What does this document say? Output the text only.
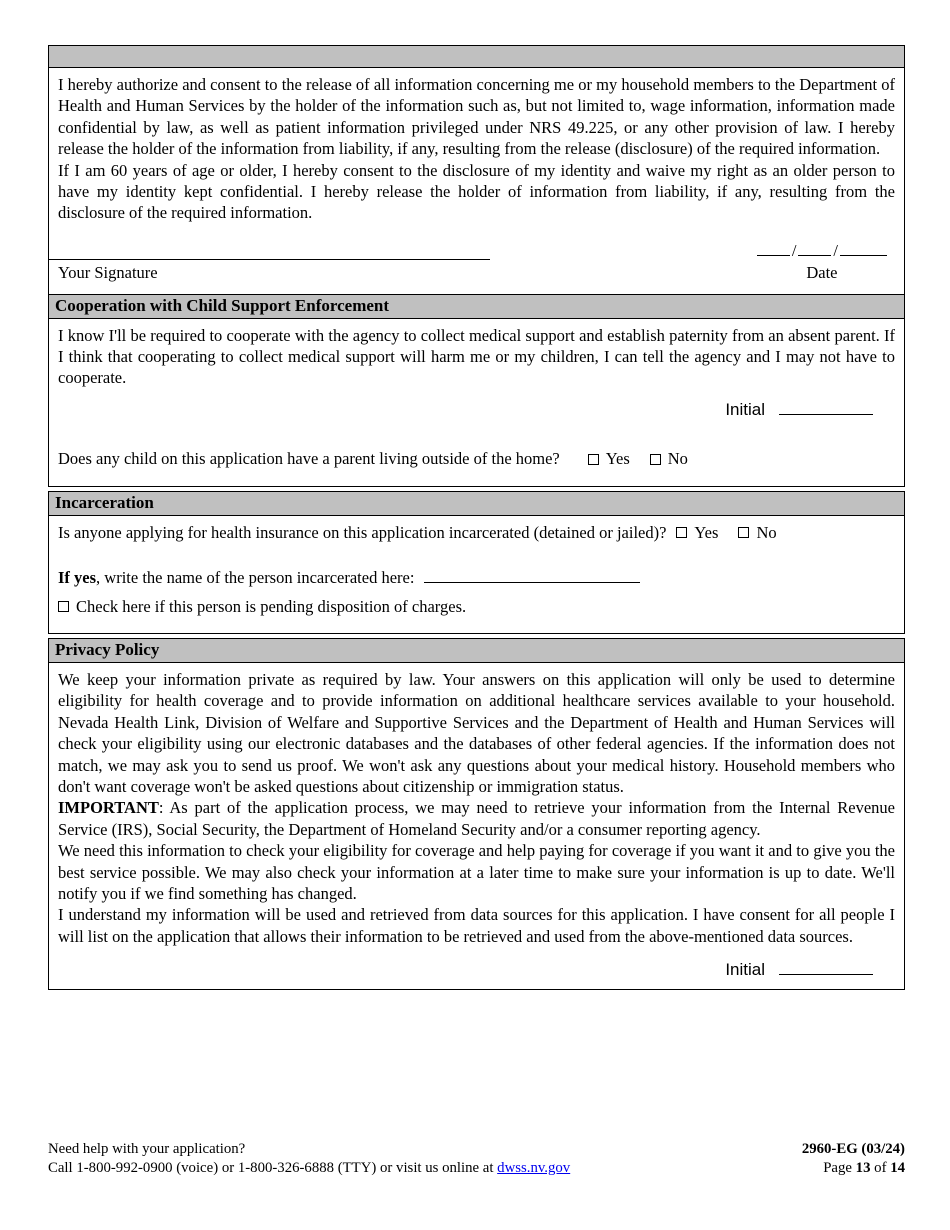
I hereby authorize and consent to the release of all information concerning me or my household members to the Department of Health and Human Services by the holder of the information such as, but not limited to, wage information, information made confidential by law, as well as patient information privileged under NRS 49.225, or any other provision of law. I hereby release the holder of the information from liability, if any, resulting from the release (disclosure) of the required information.

If I am 60 years of age or older, I hereby consent to the disclosure of my identity and waive my right as an older person to have my identity kept confidential. I hereby release the holder of information from liability, if any, resulting from the disclosure of the required information.

Your Signature
/ /
Date
Cooperation with Child Support Enforcement

I know I'll be required to cooperate with the agency to collect medical support and establish paternity from an absent parent. If I think that cooperating to collect medical support will harm me or my children, I can tell the agency and I may not have to cooperate.

Initial

Does any child on this application have a parent living outside of the home?	Yes No

Incarceration

Is anyone applying for health insurance on this application incarcerated (detained or jailed)? Yes No

If yes, write the name of the person incarcerated here:

Check here if this person is pending disposition of charges.

Privacy Policy

We keep your information private as required by law. Your answers on this application will only be used to determine eligibility for health coverage and to provide information on additional healthcare services available to your household. Nevada Health Link, Division of Welfare and Supportive Services and the Department of Health and Human Services will check your eligibility using our electronic databases and the databases of other federal agencies. If the information does not match, we may ask you to send us proof. We won't ask any questions about your medical history. Household members who don't want coverage won't be asked questions about citizenship or immigration status.

IMPORTANT: As part of the application process, we may need to retrieve your information from the Internal Revenue Service (IRS), Social Security, the Department of Homeland Security and/or a consumer reporting agency.

We need this information to check your eligibility for coverage and help paying for coverage if you want it and to give you the best service possible. We may also check your information at a later time to make sure your information is up to date. We'll notify you if we find something has changed.

I understand my information will be used and retrieved from data sources for this application. I have consent for all people I will list on the application that allows their information to be retrieved and used from the above-mentioned data sources.

Initial
Need help with your application?
Call 1-800-992-0900 (voice) or 1-800-326-6888 (TTY) or visit us online at dwss.nv.gov
2960-EG (03/24)
Page 13 of 14
